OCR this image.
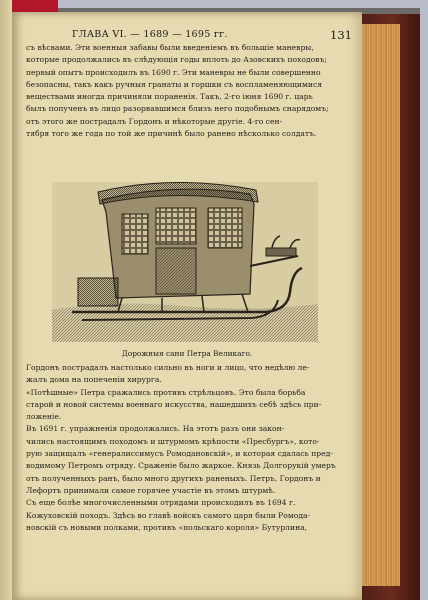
ГЛАВА VI. — 1689 — 1695 гг.	131
съ вѣсвами. Эти военныя забавы были введеніемъ въ большіе маневры,
которые продолжались въ слѣдующія годы вплоть до Азовскихъ походовъ;
первый опытъ происходилъ въ 1690 г. Эти маневры не были совершенно
безопасны, такъ какъ ручныя гранаты и горшки съ воспламеняющимися
веществами иногда причиняли пораненія. Такъ, 2-го іюня 1690 г. царь
былъ попученъ въ лицо разорвавшимся близъ него подобнымъ снарядомъ;
отъ этого же пострадалъ Гордонъ и нѣкоторые другіе. 4-го сен-
тября того же года по той же причинѣ было ранено нѣсколько солдатъ.
Дорожныя сани Петра Великаго.
Гордонъ пострадалъ настолько сильно въ ноги и лицо, что недѣлю ле-
жалъ дома на попеченіи хирурга.
«Потѣшные» Петра сражались противъ стрѣльцовъ. Это была борьба
старой и новой системы военнаго искусства, нашедшихъ себѣ здѣсь при-
ложеніе.
Въ 1691 г. упражненія продолжались. На этотъ разъ они закон-
чились настоящимъ походомъ и штурмомъ крѣпости «Пресбургъ», кото-
рую защищалъ «генералиссимусъ Ромодановскій», и которая сдалась пред-
водимому Петромъ отряду. Сраженіе было жаркое. Князь Долгорукій умеръ
отъ полученныхъ ранъ, было много другихъ раненыхъ. Петръ, Гордонъ и
Лефортъ принимали самое горячее участіе въ этомъ штурмѣ.
Съ еще болѣе многочисленными отрядами происходилъ въ 1694 г.
Кожуховскій походъ. Здѣсь во главѣ войскъ самого царя были Ромода-
новскій съ новыми полками, противъ «польскаго короля» Бутурлина,
